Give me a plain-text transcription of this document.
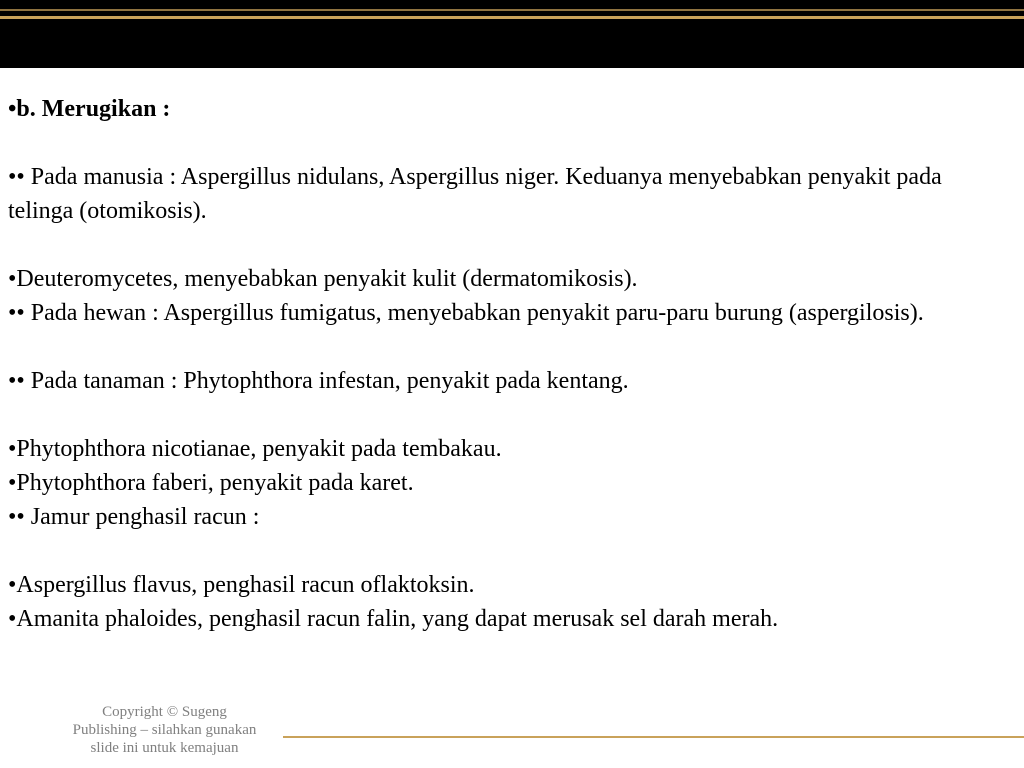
•b. Merugikan :

•• Pada manusia : Aspergillus nidulans, Aspergillus niger. Keduanya menyebabkan penyakit pada telinga (otomikosis).

•Deuteromycetes, menyebabkan penyakit kulit (dermatomikosis).

•• Pada hewan : Aspergillus fumigatus, menyebabkan penyakit paru-paru burung (aspergilosis).

•• Pada tanaman : Phytophthora infestan, penyakit pada kentang.

•Phytophthora nicotianae, penyakit pada tembakau.

•Phytophthora faberi, penyakit pada karet.

•• Jamur penghasil racun :

•Aspergillus flavus, penghasil racun oflaktoksin.

•Amanita phaloides, penghasil racun falin, yang dapat merusak sel darah merah.

Copyright © Sugeng
Publishing – silahkan gunakan
slide ini untuk kemajuan
